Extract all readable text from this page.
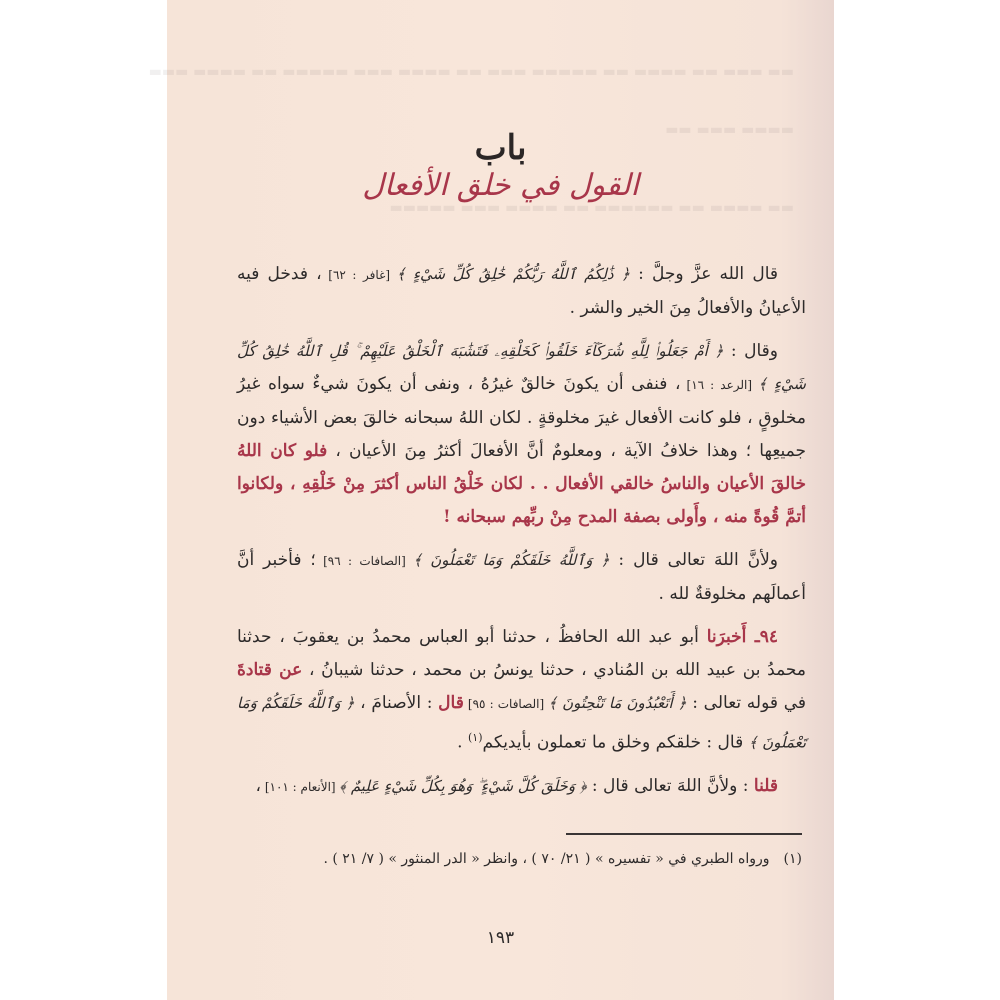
▬▬ ▬▬▬ ▬▬ ▬▬▬▬ ▬▬ ▬▬▬▬▬ ▬▬▬ ▬▬ ▬▬▬▬ ▬▬▬ ▬▬▬▬▬ ▬▬ ▬▬▬▬ ▬▬▬
▬▬▬▬ ▬▬▬ ▬▬
▬▬ ▬▬▬▬ ▬▬ ▬▬▬▬▬▬ ▬▬ ▬▬▬▬ ▬▬▬ ▬▬▬▬▬
باب
القول في خلق الأفعال

قال الله عزَّ وجلَّ : ﴿ ذَٰلِكُمُ ٱللَّهُ رَبُّكُمْ خَٰلِقُ كُلِّ شَيْءٍ ﴾ [غافر : ٦٢] ، فدخل فيه الأعيانُ والأفعالُ مِنَ الخير والشر .

وقال : ﴿ أَمْ جَعَلُوا۟ لِلَّهِ شُرَكَآءَ خَلَقُوا۟ كَخَلْقِهِۦ فَتَشَٰبَهَ ٱلْخَلْقُ عَلَيْهِمْ ۚ قُلِ ٱللَّهُ خَٰلِقُ كُلِّ شَيْءٍ ﴾ [الرعد : ١٦] ، فنفى أن يكونَ خالقٌ غيرُهُ ، ونفى أن يكونَ شيءٌ سواه غيرُ مخلوقٍ ، فلو كانت الأفعال غيرَ مخلوقةٍ . لكان اللهُ سبحانه خالقَ بعض الأشياء دون جميعِها ؛ وهذا خلافُ الآية ، ومعلومٌ أنَّ الأفعالَ أكثرُ مِنَ الأعيان ، فلو كان اللهُ خالقَ الأعيان والناسُ خالقي الأفعال . . لكان خَلْقُ الناس أكثرَ مِنْ خَلْقِهِ ، ولكانوا أتمَّ قُوةً منه ، وأَولى بصفة المدح مِنْ ربِّهم سبحانه !

ولأنَّ اللهَ تعالى قال : ﴿ وَٱللَّهُ خَلَقَكُمْ وَمَا تَعْمَلُونَ ﴾ [الصافات : ٩٦] ؛ فأخبر أنَّ أعمالَهم مخلوقةٌ لله .

٩٤ـ أَخبرَنا أبو عبد الله الحافظُ ، حدثنا أبو العباس محمدُ بن يعقوبَ ، حدثنا محمدُ بن عبيد الله بن المُنادي ، حدثنا يونسُ بن محمد ، حدثنا شيبانُ ، عن قتادةَ في قوله تعالى : ﴿ أَتَعْبُدُونَ مَا تَنْحِتُونَ ﴾ [الصافات : ٩٥] قال : الأصنامَ ، ﴿ وَٱللَّهُ خَلَقَكُمْ وَمَا تَعْمَلُونَ ﴾ قال : خلقكم وخلق ما تعملون بأيديكم$^{(١)}$ .

قلنا : ولأنَّ اللهَ تعالى قال : ﴿ وَخَلَقَ كُلَّ شَيْءٍ ۖ وَهُوَ بِكُلِّ شَيْءٍ عَلِيمٌ ﴾ [الأنعام : ١٠١] ،

(١)ورواه الطبري في « تفسيره » ( ٢١/ ٧٠ ) ، وانظر « الدر المنثور » ( ٧/ ٢١ ) .
١٩٣
